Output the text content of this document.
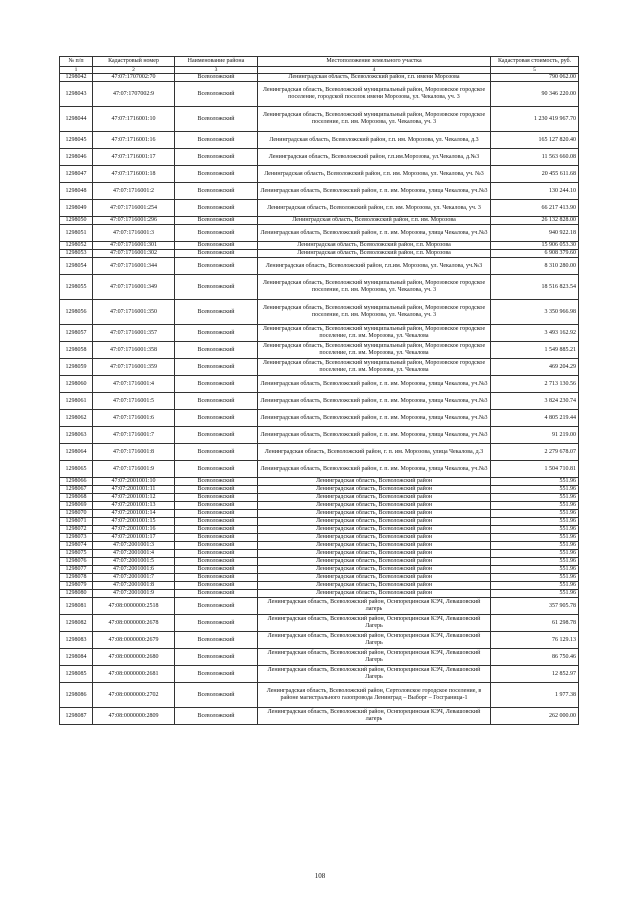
№ п/п	Кадастровый номер	Наименование района	Местоположение земельного участка	Кадастровая стоимость, руб.
1	2	3	4	5
1298042	47:07:1707002:70	Всеволожский	Ленинградская область, Всеволожский район, г.п. имени Морозова	790 062.00
1298043	47:07:1707002:9	Всеволожский	Ленинградская область, Всеволожский муниципальный район, Морозовское городское поселение, городской поселок имени Морозова, ул. Чекалова, уч. 3	90 346 220.00
1298044	47:07:1716001:10	Всеволожский	Ленинградская область, Всеволожский муниципальный район, Морозовское городское поселение, г.п. им. Морозова, ул. Чекалова, уч. 3	1 230 419 967.70
1298045	47:07:1716001:16	Всеволожский	Ленинградская область, Всеволожский район, г.п. им. Морозова, ул. Чекалова, д.3	165 127 820.40
1298046	47:07:1716001:17	Всеволожский	Ленинградская область, Всеволожский район, г.п.им.Морозова, ул.Чекалова, д.№3	11 563 660.08
1298047	47:07:1716001:18	Всеволожский	Ленинградская область, Всеволожский район, г.п. им. Морозова, ул. Чекалова, уч. №3	20 455 611.68
1298048	47:07:1716001:2	Всеволожский	Ленинградская область, Всеволожский район, г. п. им. Морозова, улица Чекалова, уч.№3	130 244.10
1298049	47:07:1716001:254	Всеволожский	Ленинградская область, Всеволожский район, г.п. им. Морозова, ул. Чекалова, уч. 3	66 217 413.90
1298050	47:07:1716001:296	Всеволожский	Ленинградская область, Всеволожский район, г.п. им. Морозова	26 132 828.00
1298051	47:07:1716001:3	Всеволожский	Ленинградская область, Всеволожский район, г. п. им. Морозова, улица Чекалова, уч.№3	940 922.18
1298052	47:07:1716001:301	Всеволожский	Ленинградская область, Всеволожский район, г.п. Морозова	15 906 053.30
1298053	47:07:1716001:302	Всеволожский	Ленинградская область, Всеволожский район, г.п. Морозова	6 908 379.60
1298054	47:07:1716001:344	Всеволожский	Ленинградская область, Всеволожский район, г.п.им. Морозова, ул. Чекалова, уч.№3	8 310 280.00
1298055	47:07:1716001:349	Всеволожский	Ленинградская область, Всеволожский муниципальный район, Морозовское городское поселение, г.п. им. Морозова, ул. Чекалова, уч. 3	18 516 823.54
1298056	47:07:1716001:350	Всеволожский	Ленинградская область, Всеволожский муниципальный район, Морозовское городское поселение, г.п. им. Морозова, ул. Чекалова, уч. 3	3 350 966.98
1298057	47:07:1716001:357	Всеволожский	Ленинградская область, Всеволожский муниципальный район, Морозовское городское поселение, г.п. им. Морозова, ул. Чекалова	3 493 162.92
1298058	47:07:1716001:358	Всеволожский	Ленинградская область, Всеволожский муниципальный район, Морозовское городское поселение, г.п. им. Морозова, ул. Чекалова	1 549 885.21
1298059	47:07:1716001:359	Всеволожский	Ленинградская область, Всеволожский муниципальный район, Морозовское городское поселение, г.п. им. Морозова, ул. Чекалова	469 204.29
1298060	47:07:1716001:4	Всеволожский	Ленинградская область, Всеволожский район, г. п. им. Морозова, улица Чекалова, уч.№3	2 713 130.56
1298061	47:07:1716001:5	Всеволожский	Ленинградская область, Всеволожский район, г. п. им. Морозова, улица Чекалова, уч.№3	3 824 230.74
1298062	47:07:1716001:6	Всеволожский	Ленинградская область, Всеволожский район, г. п. им. Морозова, улица Чекалова, уч.№3	4 805 219.44
1298063	47:07:1716001:7	Всеволожский	Ленинградская область, Всеволожский район, г. п. им. Морозова, улица Чекалова, уч.№3	91 219.00
1298064	47:07:1716001:8	Всеволожский	Ленинградская область, Всеволожский район, г. п. им. Морозова, улица Чекалова, д.3	2 279 678.07
1298065	47:07:1716001:9	Всеволожский	Ленинградская область, Всеволожский район, г. п. им. Морозова, улица Чекалова, уч.№3	1 504 710.81
1298066	47:07:2001001:10	Всеволожский	Ленинградская область, Всеволожский район	551.96
1298067	47:07:2001001:11	Всеволожский	Ленинградская область, Всеволожский район	551.96
1298068	47:07:2001001:12	Всеволожский	Ленинградская область, Всеволожский район	551.96
1298069	47:07:2001001:13	Всеволожский	Ленинградская область, Всеволожский район	551.96
1298070	47:07:2001001:14	Всеволожский	Ленинградская область, Всеволожский район	551.96
1298071	47:07:2001001:15	Всеволожский	Ленинградская область, Всеволожский район	551.96
1298072	47:07:2001001:16	Всеволожский	Ленинградская область, Всеволожский район	551.96
1298073	47:07:2001001:17	Всеволожский	Ленинградская область, Всеволожский район	551.96
1298074	47:07:2001001:3	Всеволожский	Ленинградская область, Всеволожский район	551.96
1298075	47:07:2001001:4	Всеволожский	Ленинградская область, Всеволожский район	551.96
1298076	47:07:2001001:5	Всеволожский	Ленинградская область, Всеволожский район	551.96
1298077	47:07:2001001:6	Всеволожский	Ленинградская область, Всеволожский район	551.96
1298078	47:07:2001001:7	Всеволожский	Ленинградская область, Всеволожский район	551.96
1298079	47:07:2001001:8	Всеволожский	Ленинградская область, Всеволожский район	551.96
1298080	47:07:2001001:9	Всеволожский	Ленинградская область, Всеволожский район	551.96
1298081	47:08:0000000:2518	Всеволожский	Ленинградская область, Всеволожский район, Оснпорецинская КЭЧ, Левашовский лагерь	357 905.78
1298082	47:08:0000000:2678	Всеволожский	Ленинградская область, Всеволожский район, Оснпорецинская КЭЧ, Левашовский Лагерь	61 298.78
1298083	47:08:0000000:2679	Всеволожский	Ленинградская область, Всеволожский район, Оснпорецинская КЭЧ, Левашовский Лагерь	76 129.13
1298084	47:08:0000000:2680	Всеволожский	Ленинградская область, Всеволожский район, Оснпорецинская КЭЧ, Левашовский Лагерь	86 750.46
1298085	47:08:0000000:2681	Всеволожский	Ленинградская область, Всеволожский район, Оснпорецинская КЭЧ, Левашовский Лагерь	12 852.97
1298086	47:08:0000000:2702	Всеволожский	Ленинградская область, Всеволожский район, Сертоловское городское поселение, в районе магистрального газопровода Ленинград – Выборг – Госграница-1	1 977.38
1298087	47:08:0000000:2809	Всеволожский	Ленинградская область, Всеволожский район, Оснпорецинская КЭЧ, Левашовский лагерь	262 000.00
108
